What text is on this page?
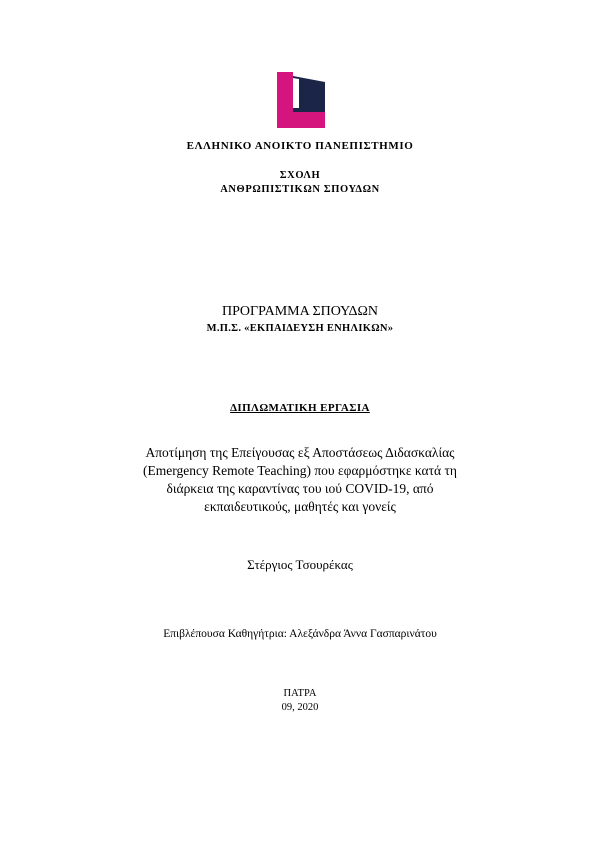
ΕΛΛΗΝΙΚΟ ΑΝΟΙΚΤΟ ΠΑΝΕΠΙΣΤΗΜΙΟ
ΣΧΟΛΗ
ΑΝΘΡΩΠΙΣΤΙΚΩΝ ΣΠΟΥΔΩΝ
ΠΡΟΓΡΑΜΜΑ ΣΠΟΥΔΩΝ
Μ.Π.Σ. «ΕΚΠΑΙΔΕΥΣΗ ΕΝΗΛΙΚΩΝ»
ΔΙΠΛΩΜΑΤΙΚΗ ΕΡΓΑΣΙΑ
Αποτίμηση της Επείγουσας εξ Αποστάσεως Διδασκαλίας
(Emergency Remote Teaching) που εφαρμόστηκε κατά τη
διάρκεια της καραντίνας του ιού COVID-19, από
εκπαιδευτικούς, μαθητές και γονείς
Στέργιος Τσουρέκας
Επιβλέπουσα Καθηγήτρια: Αλεξάνδρα Άννα Γασπαρινάτου
ΠΑΤΡΑ
09, 2020
